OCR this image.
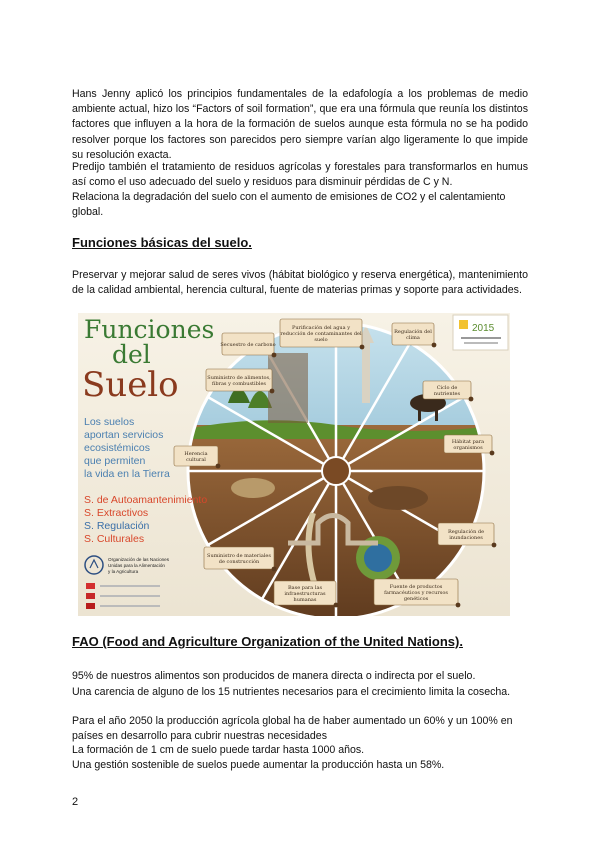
Hans Jenny aplicó los principios fundamentales de la edafología a los problemas de medio ambiente actual, hizo los “Factors of soil formation”, que era una fórmula que reunía los distintos factores que influyen a la hora de la formación de suelos aunque esta fórmula no se ha podido resolver porque los factores son parecidos pero siempre varían algo ligeramente lo que impide su resolución exacta.

Predijo también el tratamiento de residuos agrícolas y forestales para transformarlos en humus así como el uso adecuado del suelo y residuos para disminuir pérdidas de C y N.

Relaciona la degradación del suelo con el aumento de emisiones de CO2 y el calentamiento global.

Funciones básicas del suelo.

Preservar y mejorar salud de seres vivos (hábitat biológico y reserva energética), mantenimiento de la calidad ambiental, herencia cultural, fuente de materias primas y soporte para actividades.

Funciones
del
Suelo
Los suelos
aportan servicios
ecosistémicos
que permiten
la vida en la Tierra
S. de Autoamantenimiento
S. Extractivos
S. Regulación
S. Culturales
Organización de las Naciones
Unidas para la Alimentación
y la Agricultura
2015
Purificación del agua y reducción de contaminantes del suelo
Regulación del clima
Ciclo de nutrientes
Hábitat para organismos
Regulación de inundaciones
Fuente de productos farmacéuticos y recursos genéticos
Base para las infraestructuras humanas
Suministro de materiales de construcción
Herencia cultural
Secuestro de carbono
Suministro de alimentos, fibras y combustibles

FAO (Food and Agriculture Organization of the United Nations).

95% de nuestros alimentos son producidos de manera directa o indirecta por el suelo.

Una carencia de alguno de los 15 nutrientes necesarios para el crecimiento limita la cosecha.

Para el año 2050 la producción agrícola global ha de haber aumentado un 60% y un 100% en países en desarrollo para cubrir nuestras necesidades

La formación de 1 cm de suelo puede tardar hasta 1000 años.

Una gestión sostenible de suelos puede aumentar la producción hasta un 58%.

2
